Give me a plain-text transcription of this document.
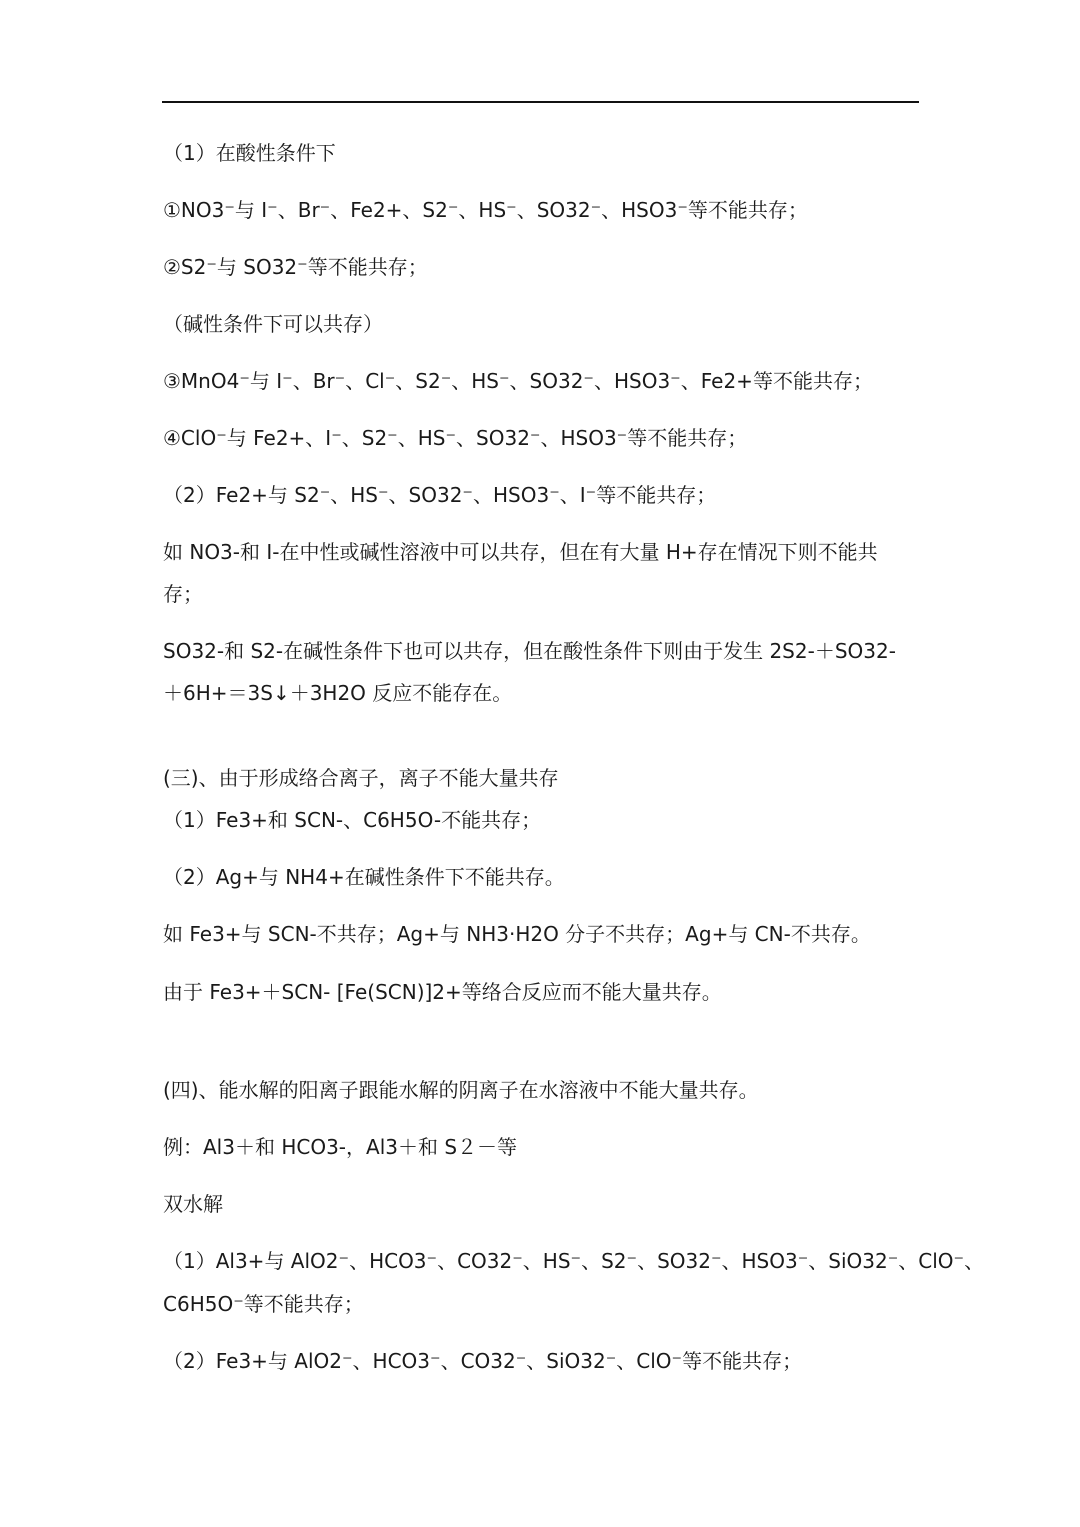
（1）在酸性条件下
①NO3⁻与 I⁻、Br⁻、Fe2+、S2⁻、HS⁻、SO32⁻、HSO3⁻等不能共存；
②S2⁻与 SO32⁻等不能共存；
（碱性条件下可以共存）
③MnO4⁻与 I⁻、Br⁻、Cl⁻、S2⁻、HS⁻、SO32⁻、HSO3⁻、Fe2+等不能共存；
④ClO⁻与 Fe2+、I⁻、S2⁻、HS⁻、SO32⁻、HSO3⁻等不能共存；
（2）Fe2+与 S2⁻、HS⁻、SO32⁻、HSO3⁻、I⁻等不能共存；
如 NO3-和 I-在中性或碱性溶液中可以共存，但在有大量 H+存在情况下则不能共
存；
SO32-和 S2-在碱性条件下也可以共存，但在酸性条件下则由于发生 2S2-＋SO32-
＋6H+＝3S↓＋3H2O 反应不能存在。
(三)、由于形成络合离子，离子不能大量共存
（1）Fe3+和 SCN-、C6H5O-不能共存；
（2）Ag+与 NH4+在碱性条件下不能共存。
如 Fe3+与 SCN-不共存；Ag+与 NH3·H2O 分子不共存；Ag+与 CN-不共存。
由于 Fe3+＋SCN- [Fe(SCN)]2+等络合反应而不能大量共存。
(四)、能水解的阳离子跟能水解的阴离子在水溶液中不能大量共存。
例：Al3＋和 HCO3-，Al3＋和 S２－等
双水解
（1）Al3+与 AlO2⁻、HCO3⁻、CO32⁻、HS⁻、S2⁻、SO32⁻、HSO3⁻、SiO32⁻、ClO⁻、
C6H5O⁻等不能共存；
（2）Fe3+与 AlO2⁻、HCO3⁻、CO32⁻、SiO32⁻、ClO⁻等不能共存；
